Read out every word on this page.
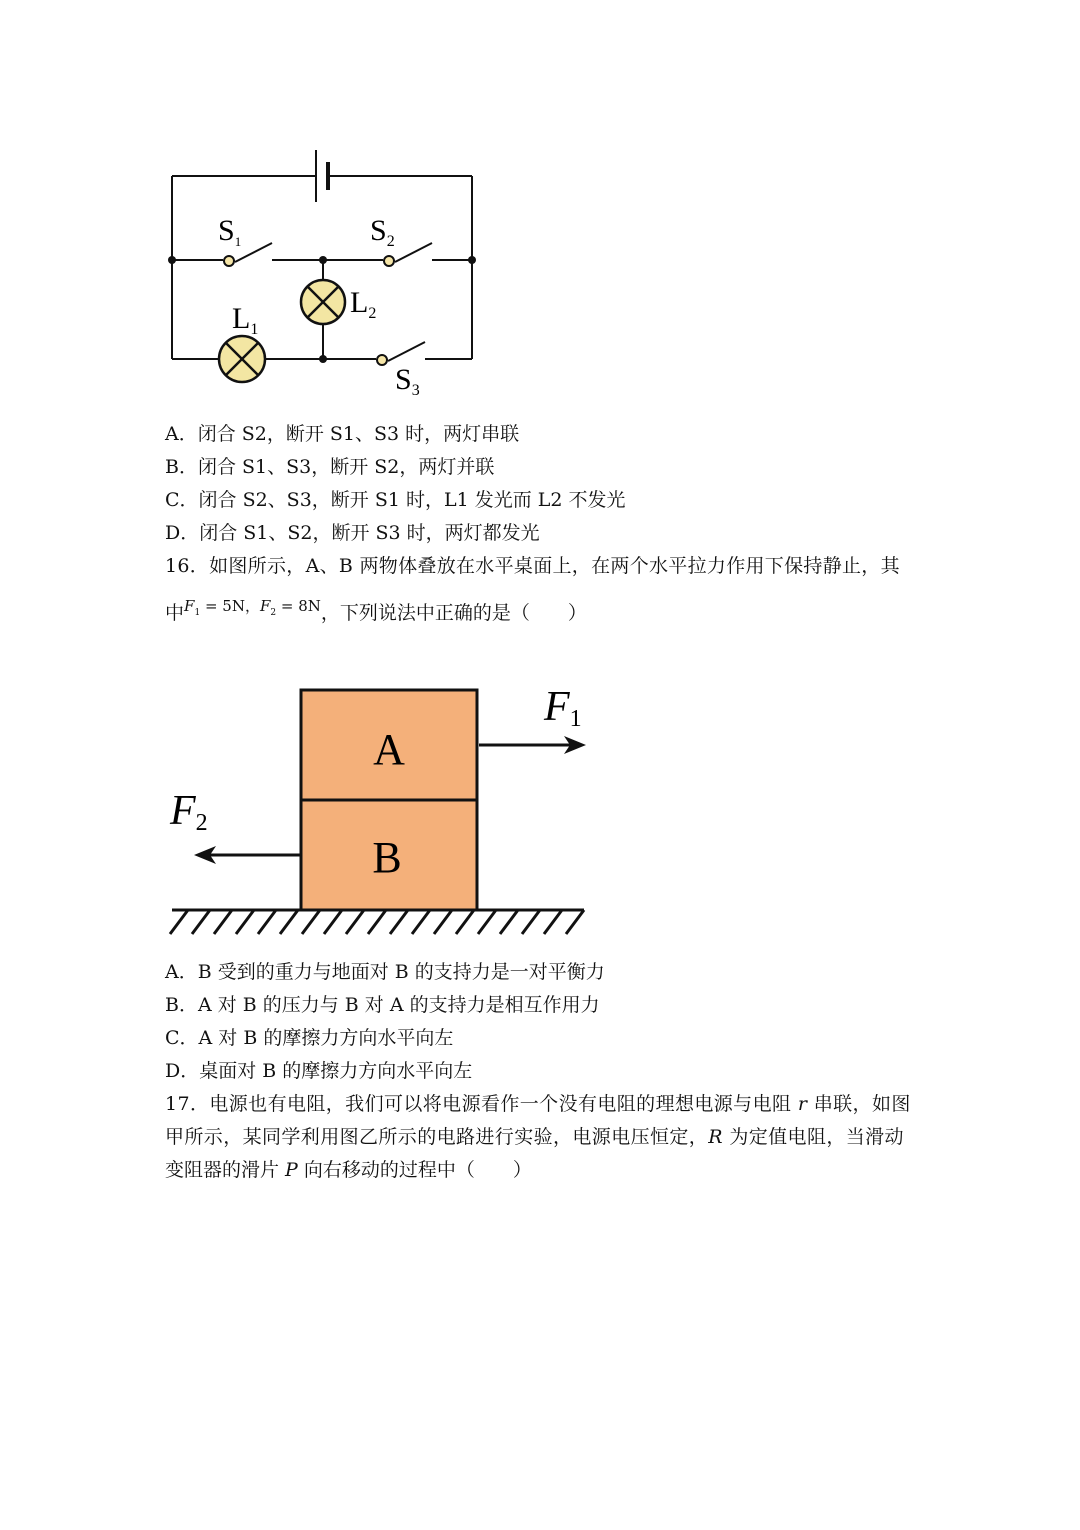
$S_1$	$S_2$
$L_2$
$L_1$
$S_3$
A．闭合 S2，断开 S1、S3 时，两灯串联
B．闭合 S1、S3，断开 S2，两灯并联
C．闭合 S2、S3，断开 S1 时，L1 发光而 L2 不发光
D．闭合 S1、S2，断开 S3 时，两灯都发光
16．如图所示，A、B 两物体叠放在水平桌面上，在两个水平拉力作用下保持静止，其
中$^{F_1 = 5N,F_2 = 8N}$，下列说法中正确的是（　　）
A
B
F1
F2
A．B 受到的重力与地面对 B 的支持力是一对平衡力
B．A 对 B 的压力与 B 对 A 的支持力是相互作用力
C．A 对 B 的摩擦力方向水平向左
D．桌面对 B 的摩擦力方向水平向左
17．电源也有电阻，我们可以将电源看作一个没有电阻的理想电源与电阻 r 串联，如图
甲所示，某同学利用图乙所示的电路进行实验，电源电压恒定，R 为定值电阻，当滑动
变阻器的滑片 P 向右移动的过程中（　　）
